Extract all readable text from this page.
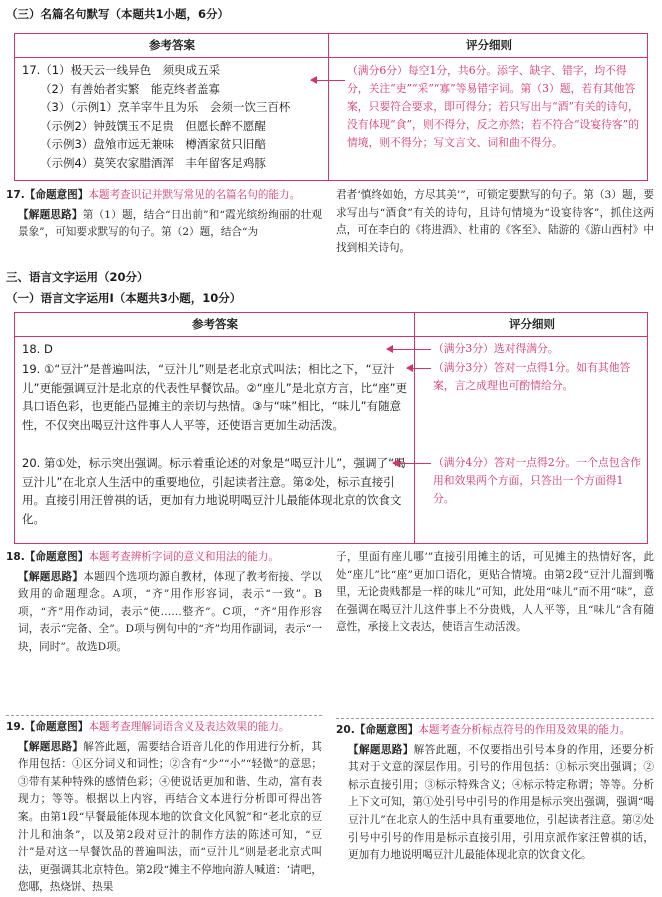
（三）名篇名句默写（本题共1小题，6分）
参考答案	评分细则

17.（1）极天云一线异色　须臾成五采

（2）有善始者实繁　能克终者盖寡

（3）（示例1）烹羊宰牛且为乐　会须一饮三百杯

（示例2）钟鼓馔玉不足贵　但愿长醉不愿醒

（示例3）盘飧市远无兼味　樽酒家贫只旧醅

（示例4）莫笑农家腊酒浑　丰年留客足鸡豚

（满分6分）每空1分，共6分。添字、缺字、错字，均不得分，关注“吏”“采”“寡”等易错字词。第（3）题，若有其他答案，只要符合要求，即可得分；若只写出与“酒”有关的诗句，没有体现“食”，则不得分，反之亦然；若不符合“设宴待客”的情境，则不得分；写文言文、词和曲不得分。

17.【命题意图】本题考查识记并默写常见的名篇名句的能力。

【解题思路】第（1）题，结合“日出前”和“霞光缤纷绚丽的壮观景象”，可知要求默写的句子。第（2）题，结合“为

君者‘慎终如始，方尽其美’”，可锁定要默写的句子。第（3）题，要求写出与“酒食”有关的诗句，且诗句情境为“设宴待客”，抓住这两点，可在李白的《将进酒》、杜甫的《客至》、陆游的《游山西村》中找到相关诗句。
三、语言文字运用（20分）
（一）语言文字运用Ⅰ（本题共3小题，10分）
参考答案	评分细则
18. D
19. ①“豆汁”是普遍叫法，“豆汁儿”则是老北京式叫法；相比之下，“豆汁儿”更能强调豆汁是北京的代表性早餐饮品。②“座儿”是北京方言，比“座”更具口语色彩，也更能凸显摊主的亲切与热情。③与“味”相比，“味儿”有随意性，不仅突出喝豆汁这件事人人平等，还使语言更加生动活泼。
20. 第①处，标示突出强调。标示着重论述的对象是“喝豆汁儿”，强调了“喝豆汁儿”在北京人生活中的重要地位，引起读者注意。第②处，标示直接引用。直接引用汪曾祺的话，更加有力地说明喝豆汁儿最能体现北京的饮食文化。
（满分3分）选对得满分。
（满分3分）答对一点得1分。如有其他答案，言之成理也可酌情给分。
（满分4分）答对一点得2分。一个点包含作用和效果两个方面，只答出一个方面得1分。

18.【命题意图】本题考查辨析字词的意义和用法的能力。

【解题思路】本题四个选项均源自教材，体现了教考衔接、学以致用的命题理念。A项，“齐”用作形容词，表示“一致”。B项，“齐”用作动词，表示“使……整齐”。C项，“齐”用作形容词，表示“完备、全”。D项与例句中的“齐”均用作副词，表示“一块，同时”。故选D项。

19.【命题意图】本题考查理解词语含义及表达效果的能力。

【解题思路】解答此题，需要结合语音儿化的作用进行分析，其作用包括：①区分词义和词性；②含有“少”“小”“轻微”的意思；③带有某种特殊的感情色彩；④使说话更加和谐、生动，富有表现力；等等。根据以上内容，再结合文本进行分析即可得出答案。由第1段“早餐最能体现本地的饮食文化风貌”和“老北京的豆汁儿和油条”，以及第2段对豆汁的制作方法的陈述可知，“豆汁”是对这一早餐饮品的普遍叫法，而“豆汁儿”则是老北京式叫法，更强调其北京特色。第2段“摊主不停地向游人喊道：‘请吧，您哪，热烧饼、热果

子，里面有座儿哪’”直接引用摊主的话，可见摊主的热情好客，此处“座儿”比“座”更加口语化，更贴合情境。由第2段“豆汁儿溜到嘴里，无论贵贱都是一样的味儿”可知，此处用“味儿”而不用“味”，意在强调在喝豆汁儿这件事上不分贵贱，人人平等，且“味儿”含有随意性，承接上文表达，使语言生动活泼。

20.【命题意图】本题考查分析标点符号的作用及效果的能力。

【解题思路】解答此题，不仅要指出引号本身的作用，还要分析其对于文意的深层作用。引号的作用包括：①标示突出强调；②标示直接引用；③标示特殊含义；④标示特定称谓；等等。分析上下文可知，第①处引号中引号的作用是标示突出强调，强调“喝豆汁儿”在北京人的生活中具有重要地位，引起读者注意。第②处引号中引号的作用是标示直接引用，引用京派作家汪曾祺的话，更加有力地说明喝豆汁儿最能体现北京的饮食文化。
